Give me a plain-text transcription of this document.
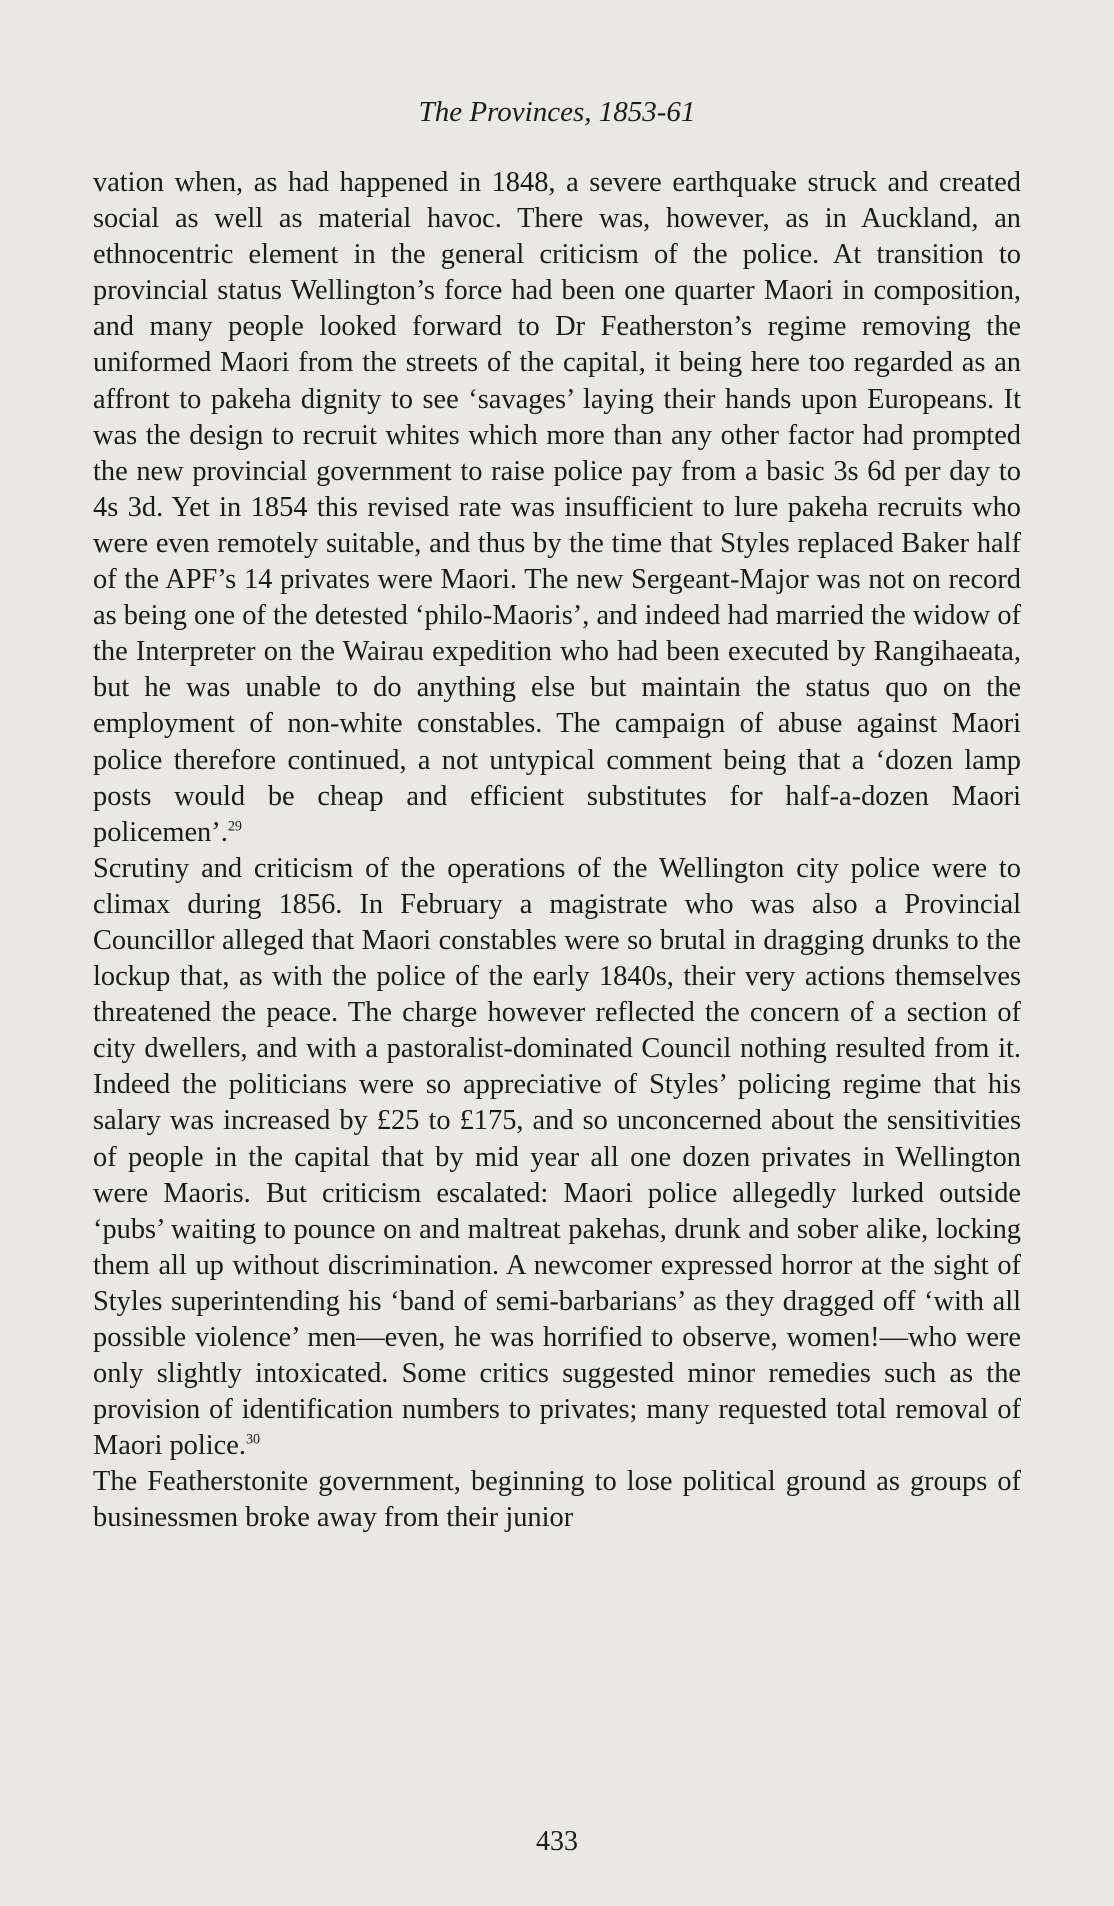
The Provinces, 1853-61

vation when, as had happened in 1848, a severe earthquake struck and created social as well as material havoc. There was, however, as in Auckland, an ethnocentric element in the general criticism of the police. At transition to provincial status Wellington’s force had been one quarter Maori in composition, and many people looked forward to Dr Featherston’s regime removing the uniformed Maori from the streets of the capital, it being here too regarded as an affront to pakeha dignity to see ‘savages’ laying their hands upon Europeans. It was the design to recruit whites which more than any other factor had prompted the new provincial government to raise police pay from a basic 3s 6d per day to 4s 3d. Yet in 1854 this revised rate was insufficient to lure pakeha recruits who were even remotely suitable, and thus by the time that Styles replaced Baker half of the APF’s 14 privates were Maori. The new Sergeant-Major was not on record as being one of the detested ‘philo-Maoris’, and indeed had married the widow of the Interpreter on the Wairau expedition who had been executed by Rangihaeata, but he was unable to do anything else but maintain the status quo on the employment of non-white constables. The campaign of abuse against Maori police therefore continued, a not untypical comment being that a ‘dozen lamp posts would be cheap and efficient substitutes for half-a-dozen Maori policemen’.$^{29}$

Scrutiny and criticism of the operations of the Wellington city police were to climax during 1856. In February a magistrate who was also a Provincial Councillor alleged that Maori constables were so brutal in dragging drunks to the lockup that, as with the police of the early 1840s, their very actions themselves threatened the peace. The charge however reflected the concern of a section of city dwellers, and with a pastoralist-dominated Council nothing resulted from it. Indeed the politicians were so appreciative of Styles’ policing regime that his salary was increased by £25 to £175, and so unconcerned about the sensitivities of people in the capital that by mid year all one dozen privates in Wellington were Maoris. But criticism escalated: Maori police allegedly lurked outside ‘pubs’ waiting to pounce on and maltreat pakehas, drunk and sober alike, locking them all up without discrimination. A newcomer expressed horror at the sight of Styles superintending his ‘band of semi-barbarians’ as they dragged off ‘with all possible violence’ men—even, he was horrified to observe, women!—who were only slightly intoxicated. Some critics suggested minor remedies such as the provision of identification numbers to privates; many requested total removal of Maori police.$^{30}$

The Featherstonite government, beginning to lose political ground as groups of businessmen broke away from their junior

433
